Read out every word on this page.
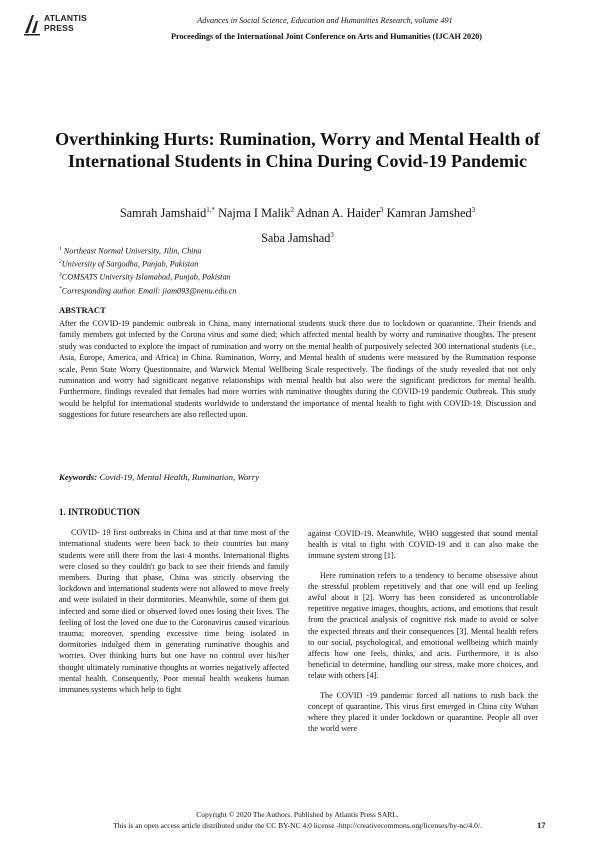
ATLANTIS
PRESS
Advances in Social Science, Education and Humanities Research, volume 491
Proceedings of the International Joint Conference on Arts and Humanities (IJCAH 2020)
Overthinking Hurts: Rumination, Worry and Mental Health of International Students in China During Covid-19 Pandemic
Samrah Jamshaid$^{1,*}$ Najma I Malik$^2$ Adnan A. Haider$^3$ Kamran Jamshed$^3$
Saba Jamshad$^3$
$^1$ Northeast Normal University, Jilin, China
$^2$University of Sargodha, Punjab, Pakistan
$^3$COMSATS University Islamabad, Punjab, Pakistan
*Corresponding author. Email: jiam093@nenu.edu.cn
ABSTRACT
After the COVID-19 pandemic outbreak in China, many international students stuck there due to lockdown or quarantine. Their friends and family members got infected by the Corona virus and some died; which affected mental health by worry and ruminative thoughts. The present study was conducted to explore the impact of rumination and worry on the mental health of purposively selected 300 international students (i.e., Asia, Europe, America, and Africa) in China. Rumination, Worry, and Mental health of students were measured by the Rumination response scale, Penn State Worry Questionnaire, and Warwick Mental Wellbeing Scale respectively. The findings of the study revealed that not only rumination and worry had significant negative relationships with mental health but also were the significant predictors for mental health. Furthermore, findings revealed that females had more worries with ruminative thoughts during the COVID-19 pandemic Outbreak. This study would be helpful for international students worldwide to understand the importance of mental health to fight with COVID-19. Discussion and suggestions for future researchers are also reflected upon.
Keywords: Covid-19, Mental Health, Rumination, Worry
1. INTRODUCTION

COVID- 19 first outbreaks in China and at that time most of the international students were been back to their countries but many students were still there from the last 4 months. International flights were closed so they couldn't go back to see their friends and family members. During that phase, China was strictly observing the lockdown and international students were not allowed to move freely and were isolated in their dormitories. Meanwhile, some of them got infected and some died or observed loved ones losing their lives. The feeling of lost the loved one due to the Coronavirus caused vicarious trauma; moreover, spending excessive time being isolated in dormitories indulged them in generating ruminative thoughts and worries. Over thinking hurts but one have no control over his/her thought ultimately ruminative thoughts or worries negatively affected mental health. Consequently, Poor mental health weakens human immunes systems which help to fight

against COVID-19. Meanwhile, WHO suggested that sound mental health is vital to fight with COVID-19 and it can also make the immune system strong [1].

Here rumination refers to a tendency to become obsessive about the stressful problem repetitively and that one will end up feeling awful about it [2]. Worry has been considered as uncontrollable repetitive negative images, thoughts, actions, and emotions that result from the practical analysis of cognitive risk made to avoid or solve the expected threats and their consequences [3]. Mental health refers to our social, psychological, and emotional wellbeing which mainly affects how one feels, thinks, and acts. Furthermore, it is also beneficial to determine, handling our stress, make more choices, and relate with others [4].

The COVID -19 pandemic forced all nations to rush back the concept of quarantine. This virus first emerged in China city Wuhan where they placed it under lockdown or quarantine. People all over the world were

Copyright © 2020 The Authors. Published by Atlantis Press SARL.
This is an open access article distributed under the CC BY-NC 4.0 license -http://creativecommons.org/licenses/by-nc/4.0/.	17
